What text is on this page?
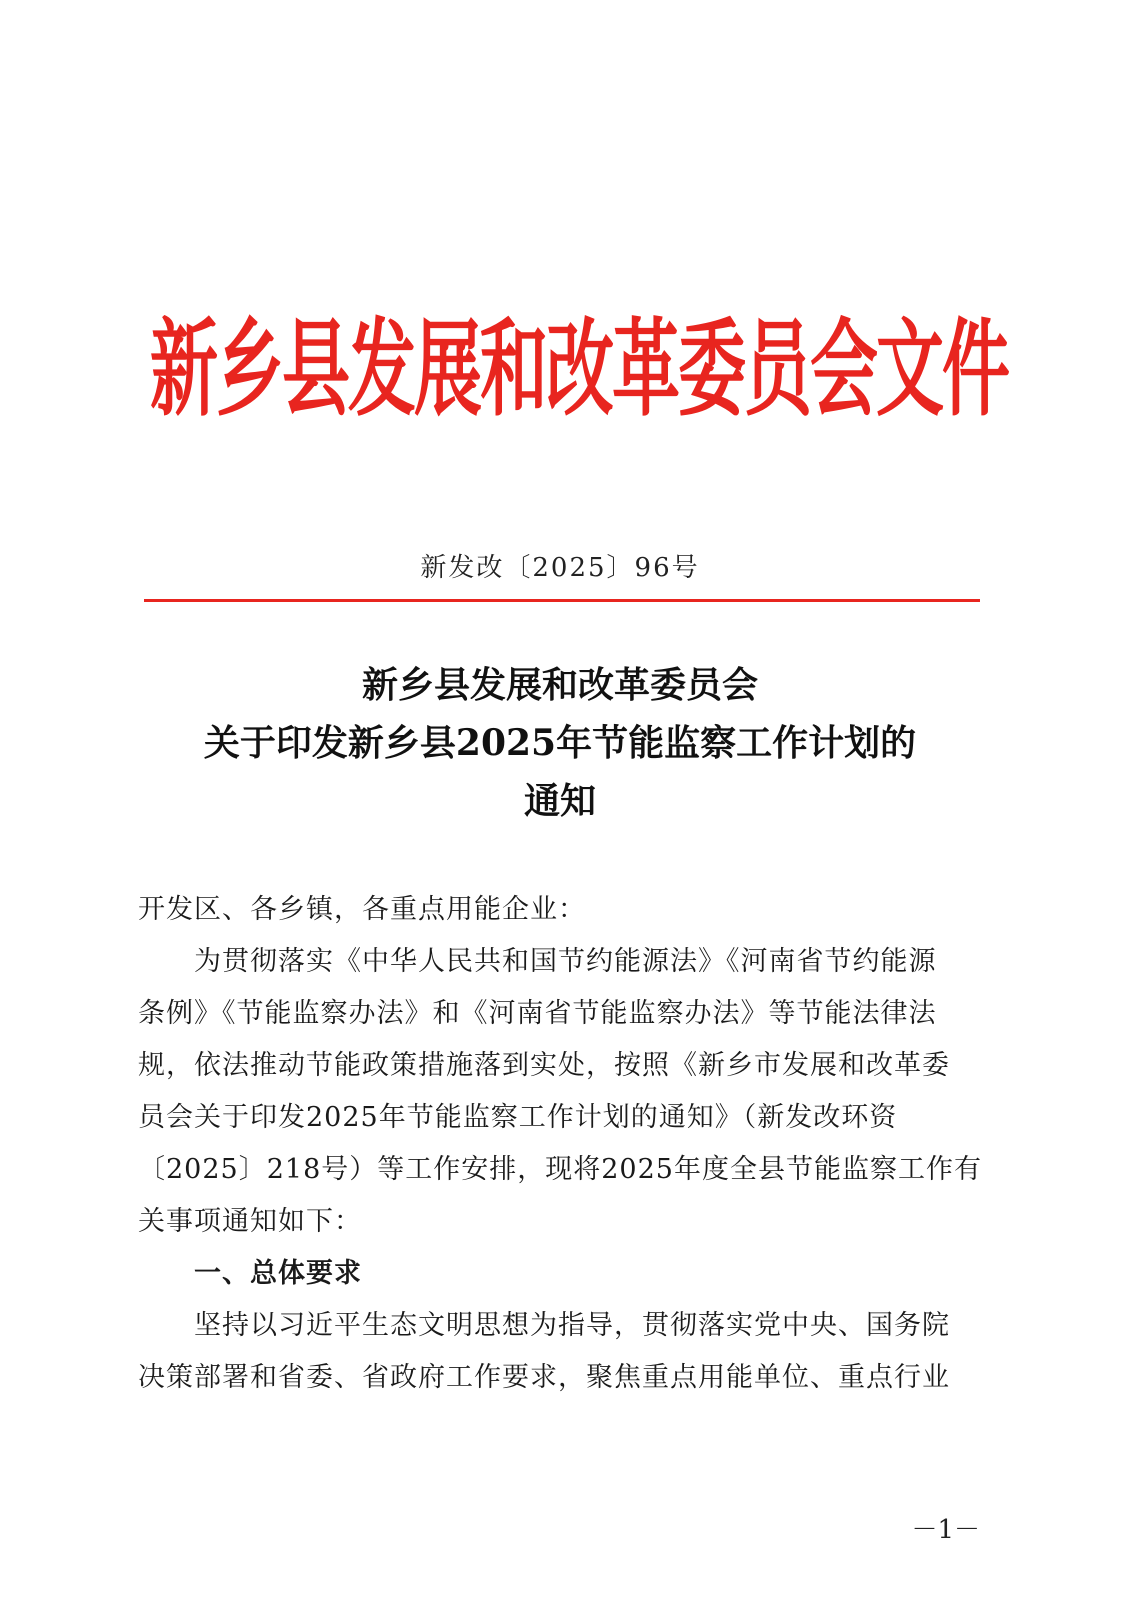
新乡县发展和改革委员会文件
新发改〔2025〕96号
新乡县发展和改革委员会
关于印发新乡县2025年节能监察工作计划的
通知
开发区、各乡镇，各重点用能企业：
为贯彻落实《中华人民共和国节约能源法》《河南省节约能源
条例》《节能监察办法》和《河南省节能监察办法》等节能法律法
规，依法推动节能政策措施落到实处，按照《新乡市发展和改革委
员会关于印发2025年节能监察工作计划的通知》（新发改环资
〔2025〕218号）等工作安排，现将2025年度全县节能监察工作有
关事项通知如下：
一、总体要求
坚持以习近平生态文明思想为指导，贯彻落实党中央、国务院
决策部署和省委、省政府工作要求，聚焦重点用能单位、重点行业
－1－
